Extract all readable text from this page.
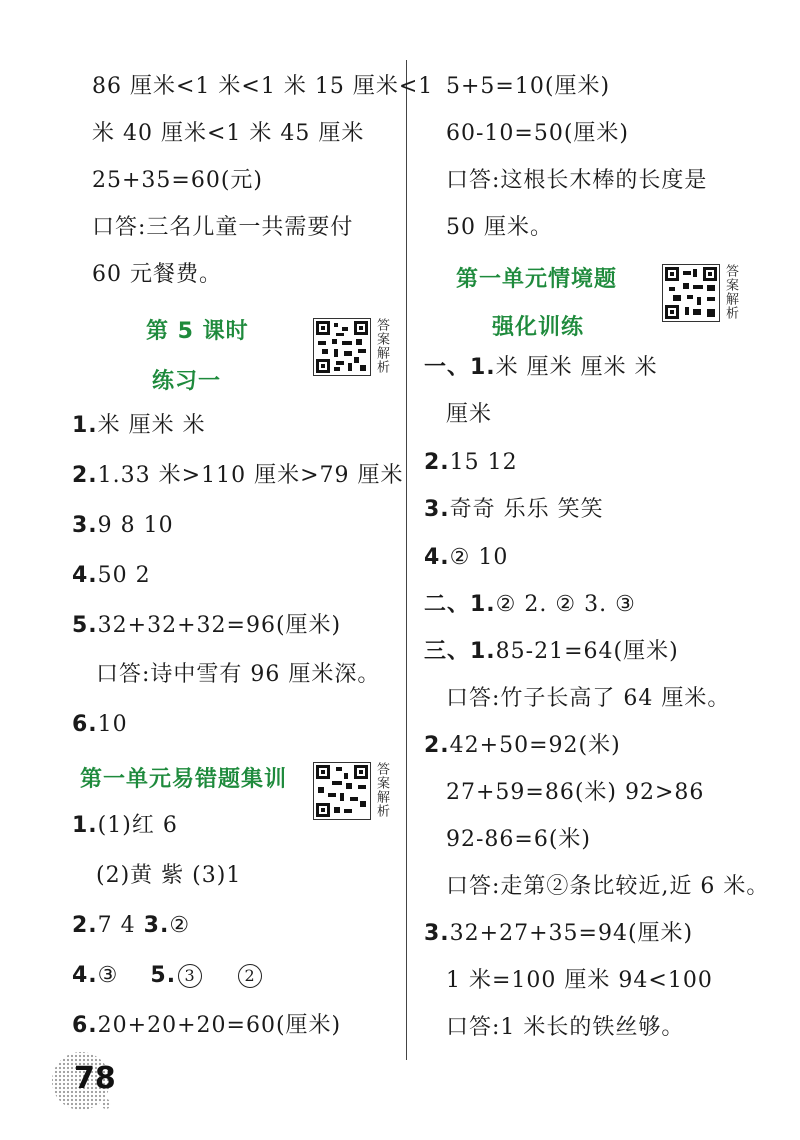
86 厘米<1 米<1 米 15 厘米<1
米 40 厘米<1 米 45 厘米
25+35=60(元)
口答:三名儿童一共需要付
60 元餐费。
第 5 课时
练习一
答案解析
1.米 厘米 米
2.1.33 米>110 厘米>79 厘米
3.9 8 10
4.50 2
5.32+32+32=96(厘米)
口答:诗中雪有 96 厘米深。
6.10
第一单元易错题集训	答案解析
1.(1)红 6
(2)黄 紫 (3)1
2.7 4 3.②
4.③ 5. 3	2
6.20+20+20=60(厘米)
5+5=10(厘米)
60-10=50(厘米)
口答:这根长木棒的长度是
50 厘米。
第一单元情境题
强化训练
答案解析
一、1.米 厘米 厘米 米
厘米
2.15 12
3.奇奇 乐乐 笑笑
4.② 10
二、1.② 2. ② 3. ③
三、1.85-21=64(厘米)
口答:竹子长高了 64 厘米。
2.42+50=92(米)
27+59=86(米) 92>86
92-86=6(米)
口答:走第②条比较近,近 6 米。
3.32+27+35=94(厘米)
1 米=100 厘米 94<100
口答:1 米长的铁丝够。
78
